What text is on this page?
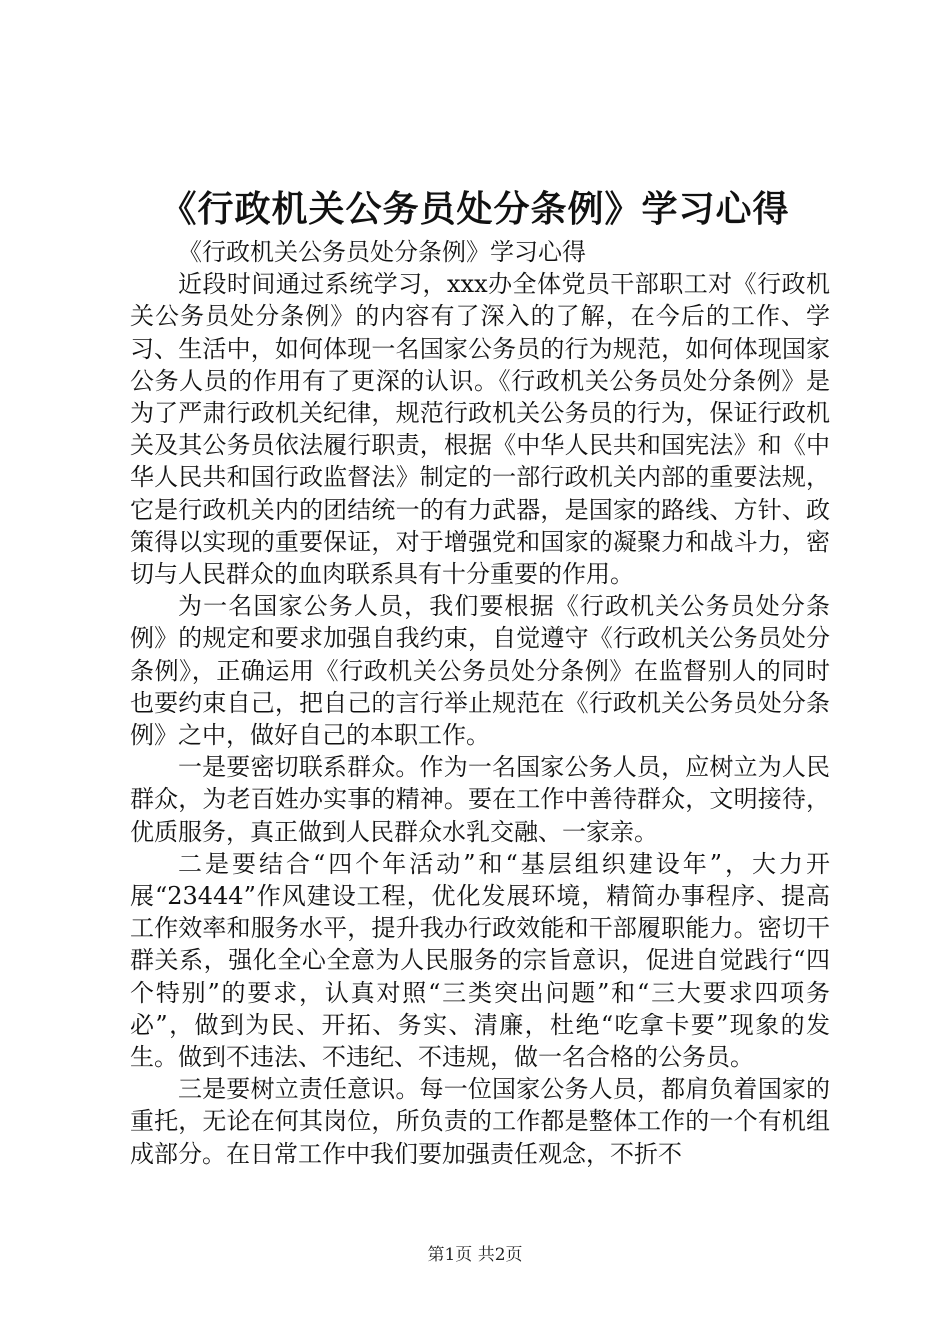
《行政机关公务员处分条例》学习心得

《行政机关公务员处分条例》学习心得

近段时间通过系统学习，xxx办全体党员干部职工对《行政机关公务员处分条例》的内容有了深入的了解，在今后的工作、学习、生活中，如何体现一名国家公务员的行为规范，如何体现国家公务人员的作用有了更深的认识。《行政机关公务员处分条例》是为了严肃行政机关纪律，规范行政机关公务员的行为，保证行政机关及其公务员依法履行职责，根据《中华人民共和国宪法》和《中华人民共和国行政监督法》制定的一部行政机关内部的重要法规，它是行政机关内的团结统一的有力武器，是国家的路线、方针、政策得以实现的重要保证，对于增强党和国家的凝聚力和战斗力，密切与人民群众的血肉联系具有十分重要的作用。

为一名国家公务人员，我们要根据《行政机关公务员处分条例》的规定和要求加强自我约束，自觉遵守《行政机关公务员处分条例》，正确运用《行政机关公务员处分条例》在监督别人的同时也要约束自己，把自己的言行举止规范在《行政机关公务员处分条例》之中，做好自己的本职工作。

一是要密切联系群众。作为一名国家公务人员，应树立为人民群众，为老百姓办实事的精神。要在工作中善待群众，文明接待，优质服务，真正做到人民群众水乳交融、一家亲。

二是要结合“四个年活动”和“基层组织建设年”，大力开展“23444”作风建设工程，优化发展环境，精简办事程序、提高工作效率和服务水平，提升我办行政效能和干部履职能力。密切干群关系，强化全心全意为人民服务的宗旨意识，促进自觉践行“四个特别”的要求，认真对照“三类突出问题”和“三大要求四项务必”，做到为民、开拓、务实、清廉，杜绝“吃拿卡要”现象的发生。做到不违法、不违纪、不违规，做一名合格的公务员。

三是要树立责任意识。每一位国家公务人员，都肩负着国家的重托，无论在何其岗位，所负责的工作都是整体工作的一个有机组成部分。在日常工作中我们要加强责任观念，不折不

第1页 共2页
